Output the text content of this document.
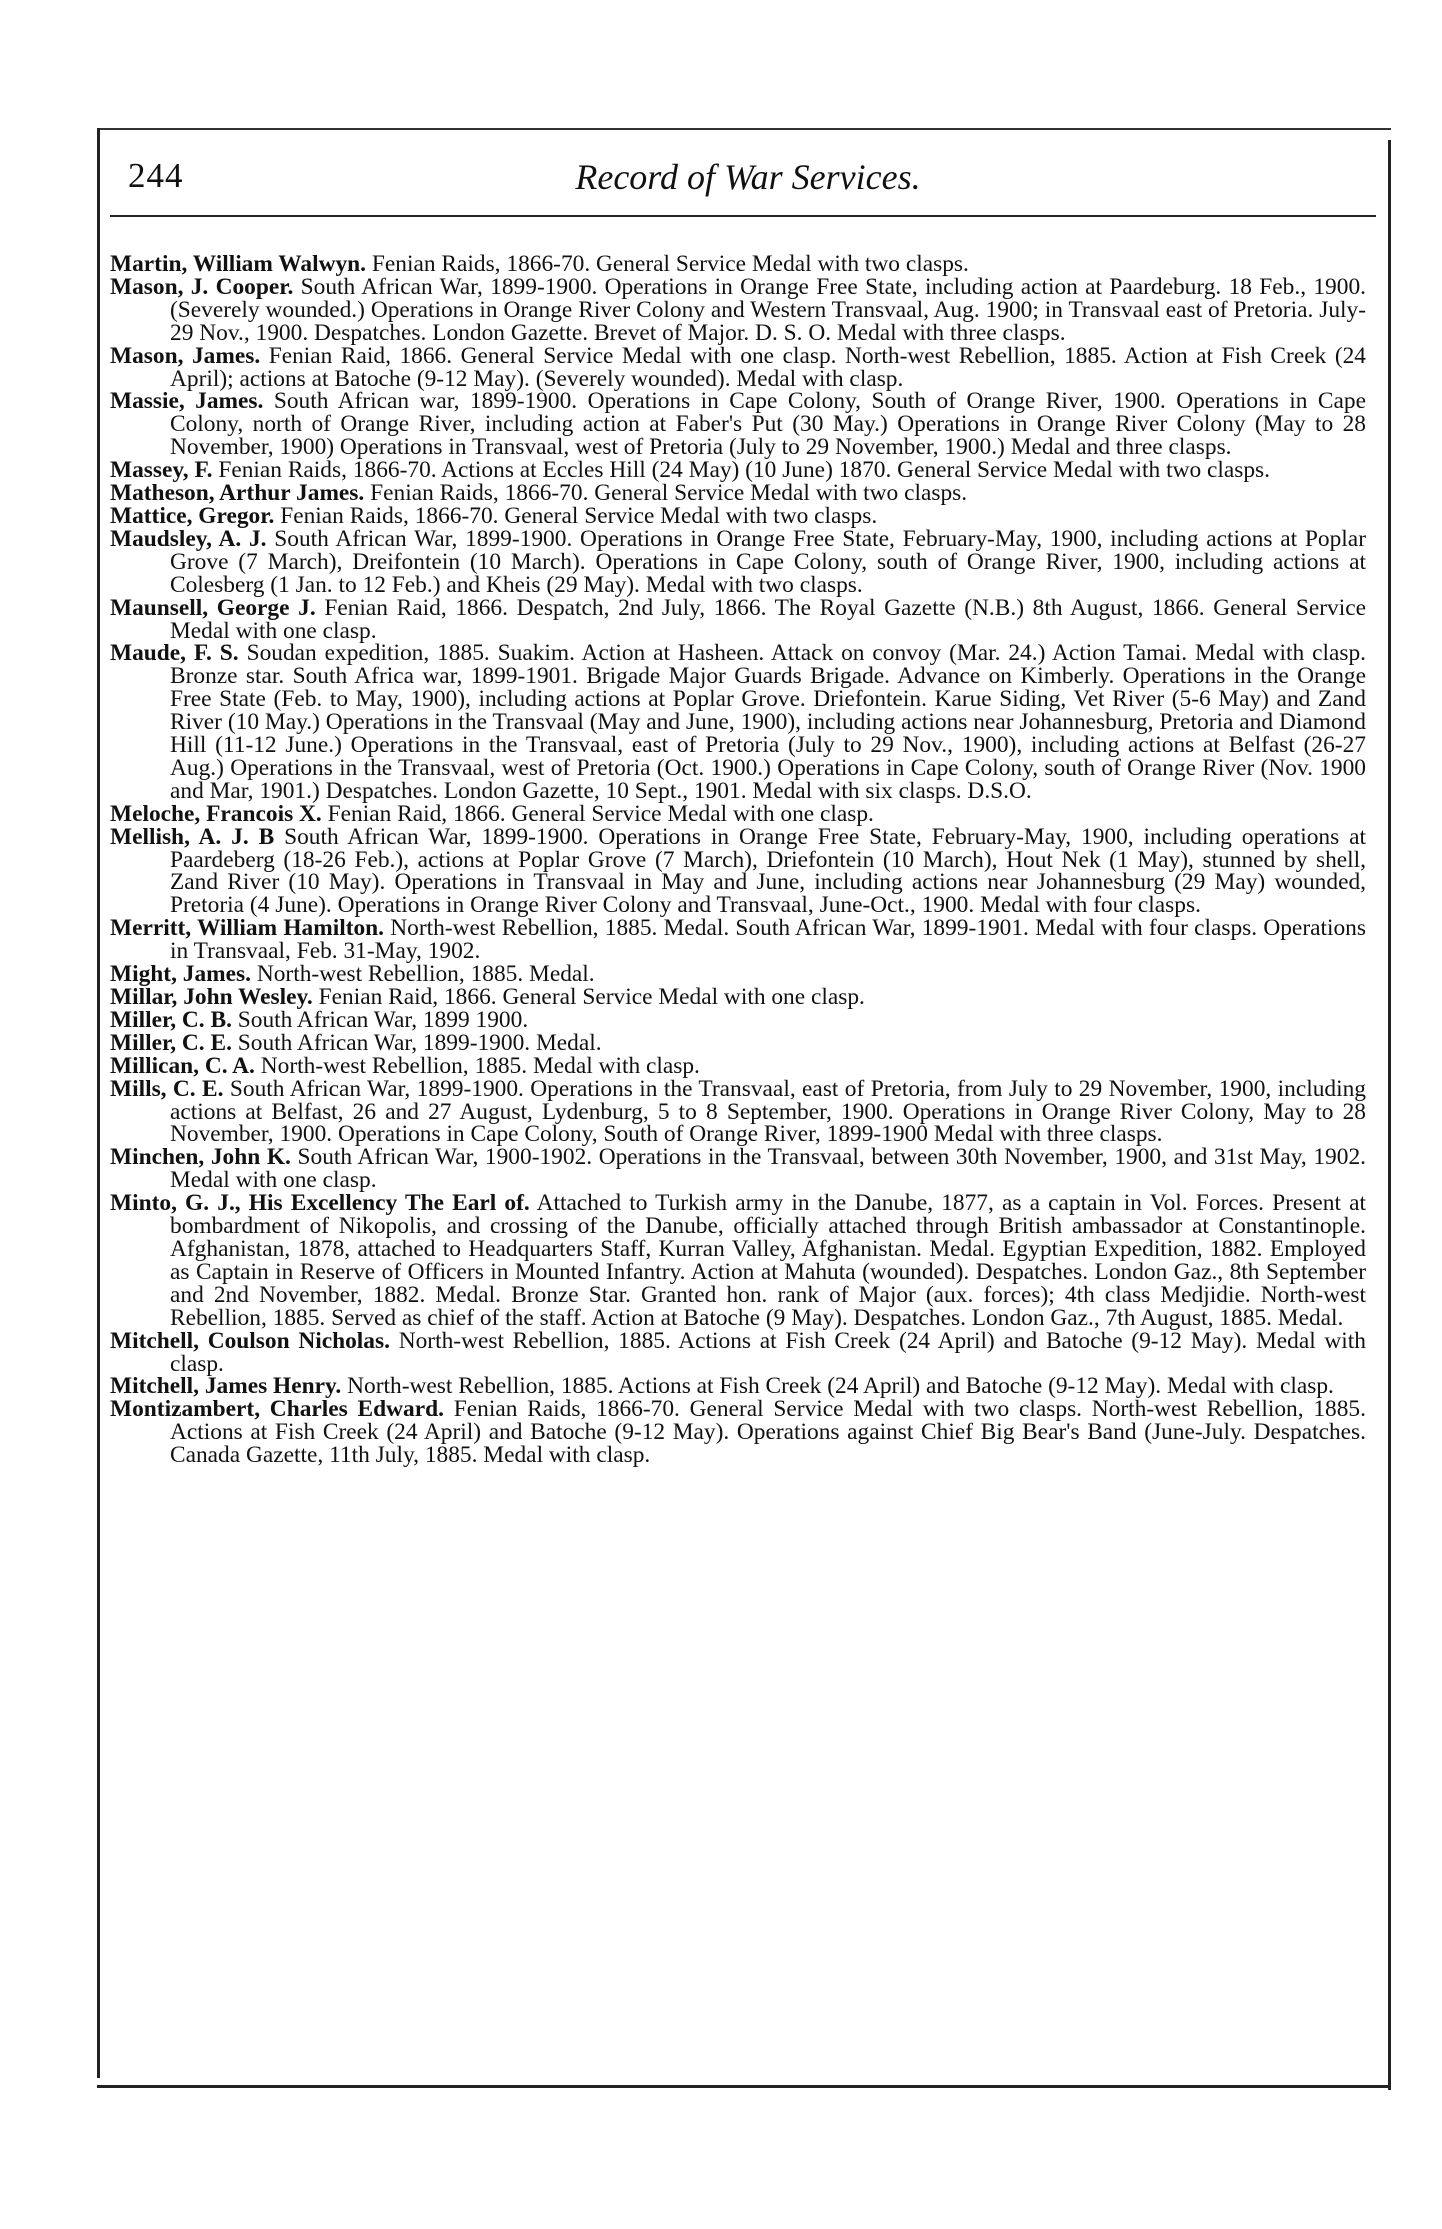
244	Record of War Services.

Martin, William Walwyn. Fenian Raids, 1866-70. General Service Medal with two clasps.

Mason, J. Cooper. South African War, 1899-1900. Operations in Orange Free State, including action at Paardeburg. 18 Feb., 1900. (Severely wounded.) Operations in Orange River Colony and Western Transvaal, Aug. 1900; in Transvaal east of Pretoria. July-29 Nov., 1900. Despatches. London Gazette. Brevet of Major. D. S. O. Medal with three clasps.

Mason, James. Fenian Raid, 1866. General Service Medal with one clasp. North-west Rebellion, 1885. Action at Fish Creek (24 April); actions at Batoche (9-12 May). (Severely wounded). Medal with clasp.

Massie, James. South African war, 1899-1900. Operations in Cape Colony, South of Orange River, 1900. Operations in Cape Colony, north of Orange River, including action at Faber's Put (30 May.) Operations in Orange River Colony (May to 28 November, 1900) Operations in Transvaal, west of Pretoria (July to 29 November, 1900.) Medal and three clasps.

Massey, F. Fenian Raids, 1866-70. Actions at Eccles Hill (24 May) (10 June) 1870. General Service Medal with two clasps.

Matheson, Arthur James. Fenian Raids, 1866-70. General Service Medal with two clasps.

Mattice, Gregor. Fenian Raids, 1866-70. General Service Medal with two clasps.

Maudsley, A. J. South African War, 1899-1900. Operations in Orange Free State, February-May, 1900, including actions at Poplar Grove (7 March), Dreifontein (10 March). Operations in Cape Colony, south of Orange River, 1900, including actions at Colesberg (1 Jan. to 12 Feb.) and Kheis (29 May). Medal with two clasps.

Maunsell, George J. Fenian Raid, 1866. Despatch, 2nd July, 1866. The Royal Gazette (N.B.) 8th August, 1866. General Service Medal with one clasp.

Maude, F. S. Soudan expedition, 1885. Suakim. Action at Hasheen. Attack on convoy (Mar. 24.) Action Tamai. Medal with clasp. Bronze star. South Africa war, 1899-1901. Brigade Major Guards Brigade. Advance on Kimberly. Operations in the Orange Free State (Feb. to May, 1900), including actions at Poplar Grove. Driefontein. Karue Siding, Vet River (5-6 May) and Zand River (10 May.) Operations in the Transvaal (May and June, 1900), including actions near Johannesburg, Pretoria and Diamond Hill (11-12 June.) Operations in the Transvaal, east of Pretoria (July to 29 Nov., 1900), including actions at Belfast (26-27 Aug.) Operations in the Transvaal, west of Pretoria (Oct. 1900.) Operations in Cape Colony, south of Orange River (Nov. 1900 and Mar, 1901.) Despatches. London Gazette, 10 Sept., 1901. Medal with six clasps. D.S.O.

Meloche, Francois X. Fenian Raid, 1866. General Service Medal with one clasp.

Mellish, A. J. B South African War, 1899-1900. Operations in Orange Free State, February-May, 1900, including operations at Paardeberg (18-26 Feb.), actions at Poplar Grove (7 March), Driefontein (10 March), Hout Nek (1 May), stunned by shell, Zand River (10 May). Operations in Transvaal in May and June, including actions near Johannesburg (29 May) wounded, Pretoria (4 June). Operations in Orange River Colony and Transvaal, June-Oct., 1900. Medal with four clasps.

Merritt, William Hamilton. North-west Rebellion, 1885. Medal. South African War, 1899-1901. Medal with four clasps. Operations in Transvaal, Feb. 31-May, 1902.

Might, James. North-west Rebellion, 1885. Medal.

Millar, John Wesley. Fenian Raid, 1866. General Service Medal with one clasp.

Miller, C. B. South African War, 1899 1900.

Miller, C. E. South African War, 1899-1900. Medal.

Millican, C. A. North-west Rebellion, 1885. Medal with clasp.

Mills, C. E. South African War, 1899-1900. Operations in the Transvaal, east of Pretoria, from July to 29 November, 1900, including actions at Belfast, 26 and 27 August, Lydenburg, 5 to 8 September, 1900. Operations in Orange River Colony, May to 28 November, 1900. Operations in Cape Colony, South of Orange River, 1899-1900 Medal with three clasps.

Minchen, John K. South African War, 1900-1902. Operations in the Transvaal, between 30th November, 1900, and 31st May, 1902. Medal with one clasp.

Minto, G. J., His Excellency The Earl of. Attached to Turkish army in the Danube, 1877, as a captain in Vol. Forces. Present at bombardment of Nikopolis, and crossing of the Danube, officially attached through British ambassador at Constantinople. Afghanistan, 1878, attached to Headquarters Staff, Kurran Valley, Afghanistan. Medal. Egyptian Expedition, 1882. Employed as Captain in Reserve of Officers in Mounted Infantry. Action at Mahuta (wounded). Despatches. London Gaz., 8th September and 2nd November, 1882. Medal. Bronze Star. Granted hon. rank of Major (aux. forces); 4th class Medjidie. North-west Rebellion, 1885. Served as chief of the staff. Action at Batoche (9 May). Despatches. London Gaz., 7th August, 1885. Medal.

Mitchell, Coulson Nicholas. North-west Rebellion, 1885. Actions at Fish Creek (24 April) and Batoche (9-12 May). Medal with clasp.

Mitchell, James Henry. North-west Rebellion, 1885. Actions at Fish Creek (24 April) and Batoche (9-12 May). Medal with clasp.

Montizambert, Charles Edward. Fenian Raids, 1866-70. General Service Medal with two clasps. North-west Rebellion, 1885. Actions at Fish Creek (24 April) and Batoche (9-12 May). Operations against Chief Big Bear's Band (June-July. Despatches. Canada Gazette, 11th July, 1885. Medal with clasp.
